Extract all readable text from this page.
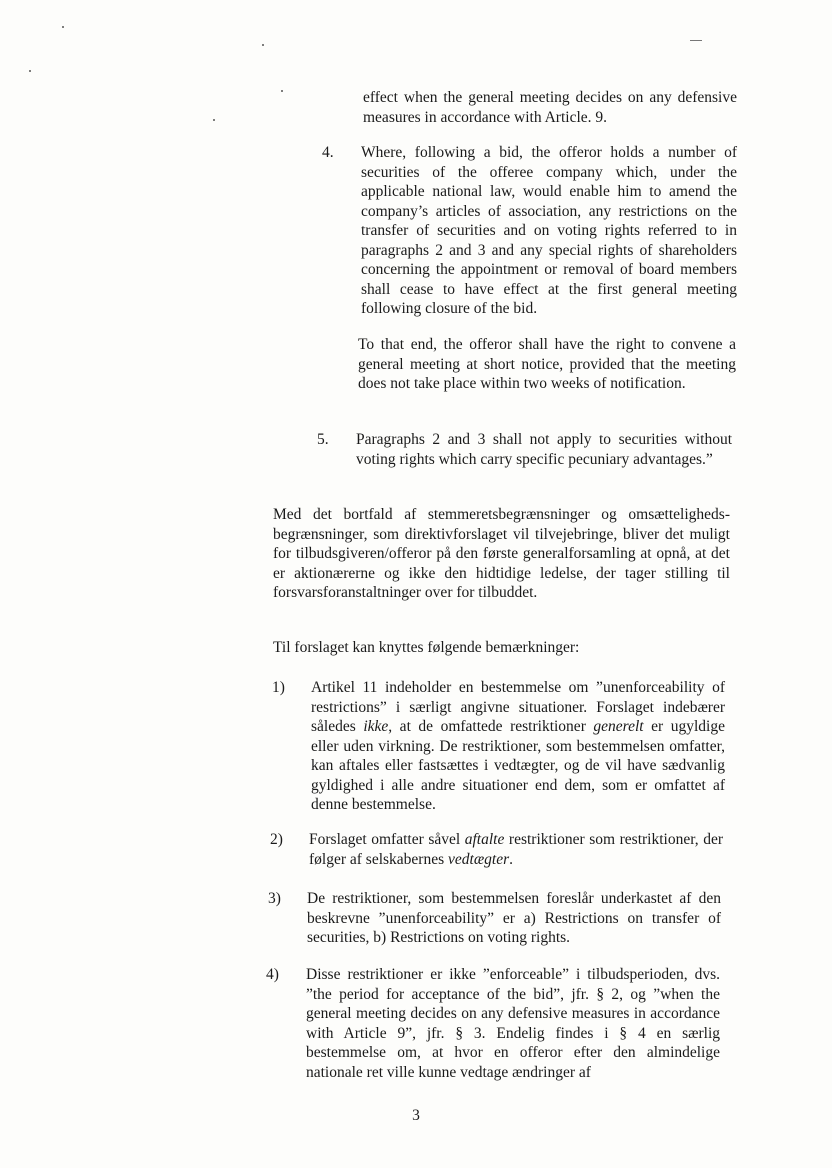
effect when the general meeting decides on any defensive measures in accordance with Article. 9.
4. Where, following a bid, the offeror holds a number of securities of the offeree company which, under the applicable national law, would enable him to amend the company’s articles of association, any restrictions on the transfer of securities and on voting rights referred to in paragraphs 2 and 3 and any special rights of shareholders concerning the appointment or removal of board members shall cease to have effect at the first general meeting following closure of the bid.
To that end, the offeror shall have the right to convene a general meeting at short notice, provided that the meeting does not take place within two weeks of notification.
5. Paragraphs 2 and 3 shall not apply to securities without voting rights which carry specific pecuniary advantages.”
Med det bortfald af stemmeretsbegrænsninger og omsættelighedsbegrænsninger, som direktivforslaget vil tilvejebringe, bliver det muligt for tilbudsgiveren/offeror på den første generalforsamling at opnå, at det er aktionærerne og ikke den hidtidige ledelse, der tager stilling til forsvarsforanstaltninger over for tilbuddet.
Til forslaget kan knyttes følgende bemærkninger:
1) Artikel 11 indeholder en bestemmelse om ”unenforceability of restrictions” i særligt angivne situationer. Forslaget indebærer således ikke, at de omfattede restriktioner generelt er ugyldige eller uden virkning. De restriktioner, som bestemmelsen omfatter, kan aftales eller fastsættes i vedtægter, og de vil have sædvanlig gyldighed i alle andre situationer end dem, som er omfattet af denne bestemmelse.
2) Forslaget omfatter såvel aftalte restriktioner som restriktioner, der følger af selskabernes vedtægter.
3) De restriktioner, som bestemmelsen foreslår underkastet af den beskrevne ”unenforceability” er a) Restrictions on transfer of securities, b) Restrictions on voting rights.
4) Disse restriktioner er ikke ”enforceable” i tilbudsperioden, dvs. ”the period for acceptance of the bid”, jfr. § 2, og ”when the general meeting decides on any defensive measures in accordance with Article 9”, jfr. § 3. Endelig findes i § 4 en særlig bestemmelse om, at hvor en offeror efter den almindelige nationale ret ville kunne vedtage ændringer af
3
